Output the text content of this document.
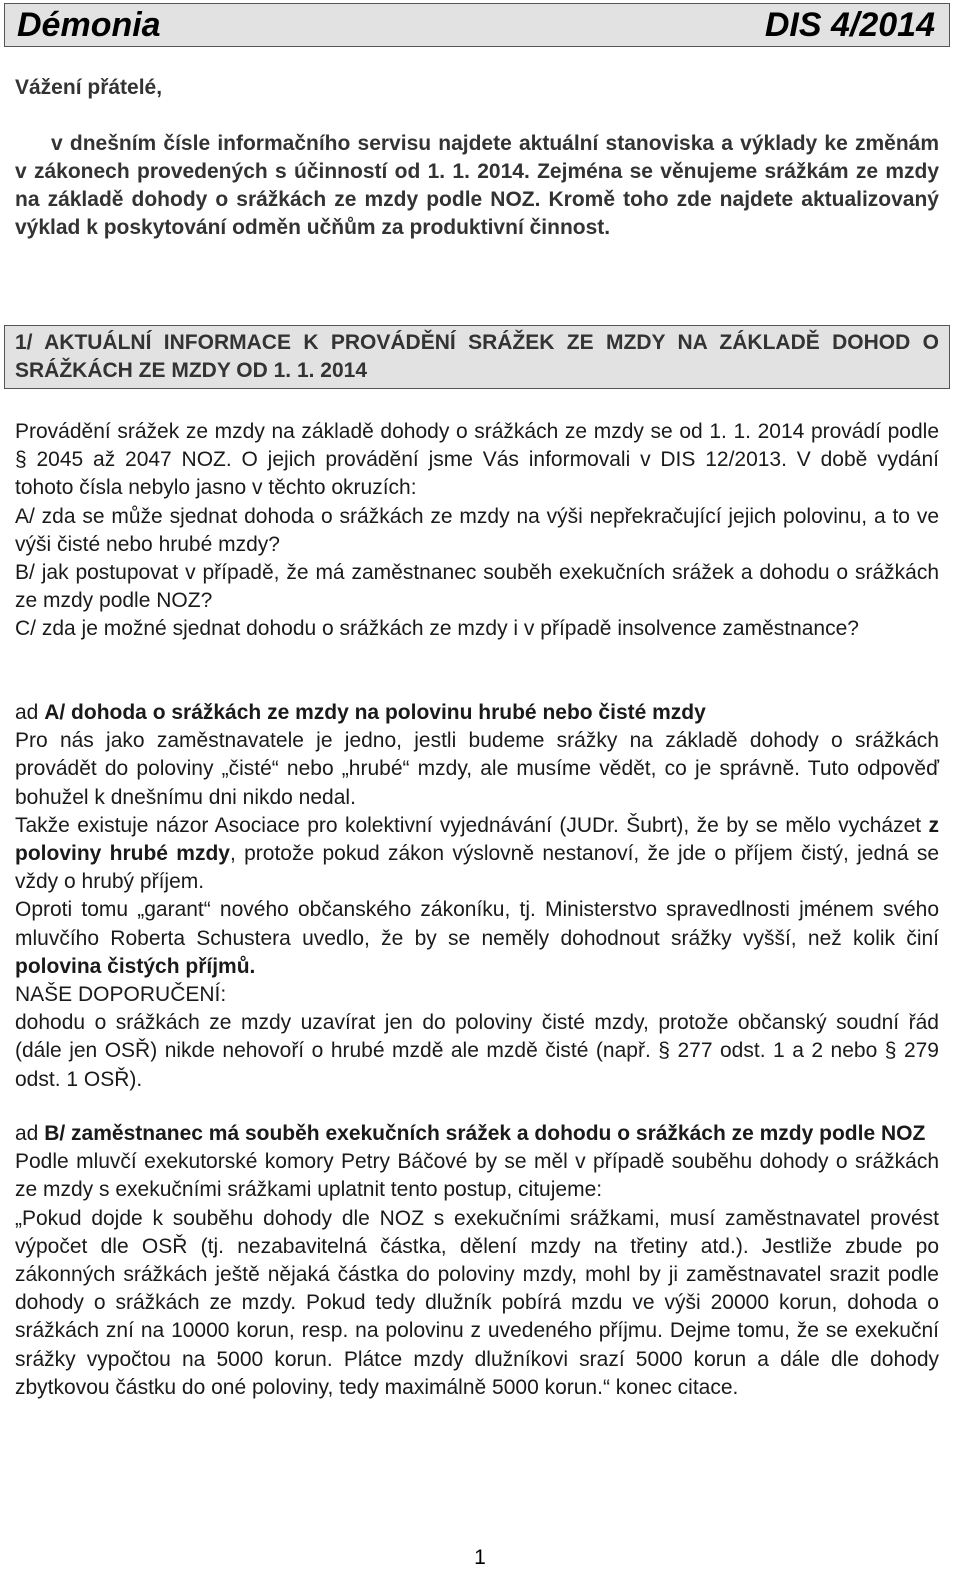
Démonia	DIS 4/2014
Vážení přátelé,
v dnešním čísle informačního servisu najdete aktuální stanoviska a výklady ke změnám v zákonech provedených s účinností od 1. 1. 2014. Zejména se věnujeme srážkám ze mzdy na základě dohody o srážkách ze mzdy podle NOZ. Kromě toho zde najdete aktualizovaný výklad k poskytování odměn učňům za produktivní činnost.
1/ AKTUÁLNÍ INFORMACE K PROVÁDĚNÍ SRÁŽEK ZE MZDY NA ZÁKLADĚ DOHOD O SRÁŽKÁCH ZE MZDY OD 1. 1. 2014

Provádění srážek ze mzdy na základě dohody o srážkách ze mzdy se od 1. 1. 2014 provádí podle § 2045 až 2047 NOZ. O jejich provádění jsme Vás informovali v DIS 12/2013. V době vydání tohoto čísla nebylo jasno v těchto okruzích:

A/ zda se může sjednat dohoda o srážkách ze mzdy na výši nepřekračující jejich polovinu, a to ve výši čisté nebo hrubé mzdy?

B/ jak postupovat v případě, že má zaměstnanec souběh exekučních srážek a dohodu o srážkách ze mzdy podle NOZ?

C/ zda je možné sjednat dohodu o srážkách ze mzdy i v případě insolvence zaměstnance?

ad A/ dohoda o srážkách ze mzdy na polovinu hrubé nebo čisté mzdy

Pro nás jako zaměstnavatele je jedno, jestli budeme srážky na základě dohody o srážkách provádět do poloviny „čisté“ nebo „hrubé“ mzdy, ale musíme vědět, co je správně. Tuto odpověď bohužel k dnešnímu dni nikdo nedal.

Takže existuje názor Asociace pro kolektivní vyjednávání (JUDr. Šubrt), že by se mělo vycházet z poloviny hrubé mzdy, protože pokud zákon výslovně nestanoví, že jde o příjem čistý, jedná se vždy o hrubý příjem.

Oproti tomu „garant“ nového občanského zákoníku, tj. Ministerstvo spravedlnosti jménem svého mluvčího Roberta Schustera uvedlo, že by se neměly dohodnout srážky vyšší, než kolik činí polovina čistých příjmů.

NAŠE DOPORUČENÍ:

dohodu o srážkách ze mzdy uzavírat jen do poloviny čisté mzdy, protože občanský soudní řád (dále jen OSŘ) nikde nehovoří o hrubé mzdě ale mzdě čisté (např. § 277 odst. 1 a 2 nebo § 279 odst. 1 OSŘ).

ad B/ zaměstnanec má souběh exekučních srážek a dohodu o srážkách ze mzdy podle NOZ

Podle mluvčí exekutorské komory Petry Báčové by se měl v případě souběhu dohody o srážkách ze mzdy s exekučními srážkami uplatnit tento postup, citujeme:

„Pokud dojde k souběhu dohody dle NOZ s exekučními srážkami, musí zaměstnavatel provést výpočet dle OSŘ (tj. nezabavitelná částka, dělení mzdy na třetiny atd.). Jestliže zbude po zákonných srážkách ještě nějaká částka do poloviny mzdy, mohl by ji zaměstnavatel srazit podle dohody o srážkách ze mzdy. Pokud tedy dlužník pobírá mzdu ve výši 20000 korun, dohoda o srážkách zní na 10000 korun, resp. na polovinu z uvedeného příjmu. Dejme tomu, že se exekuční srážky vypočtou na 5000 korun. Plátce mzdy dlužníkovi srazí 5000 korun a dále dle dohody zbytkovou částku do oné poloviny, tedy maximálně 5000 korun.“ konec citace.

1
